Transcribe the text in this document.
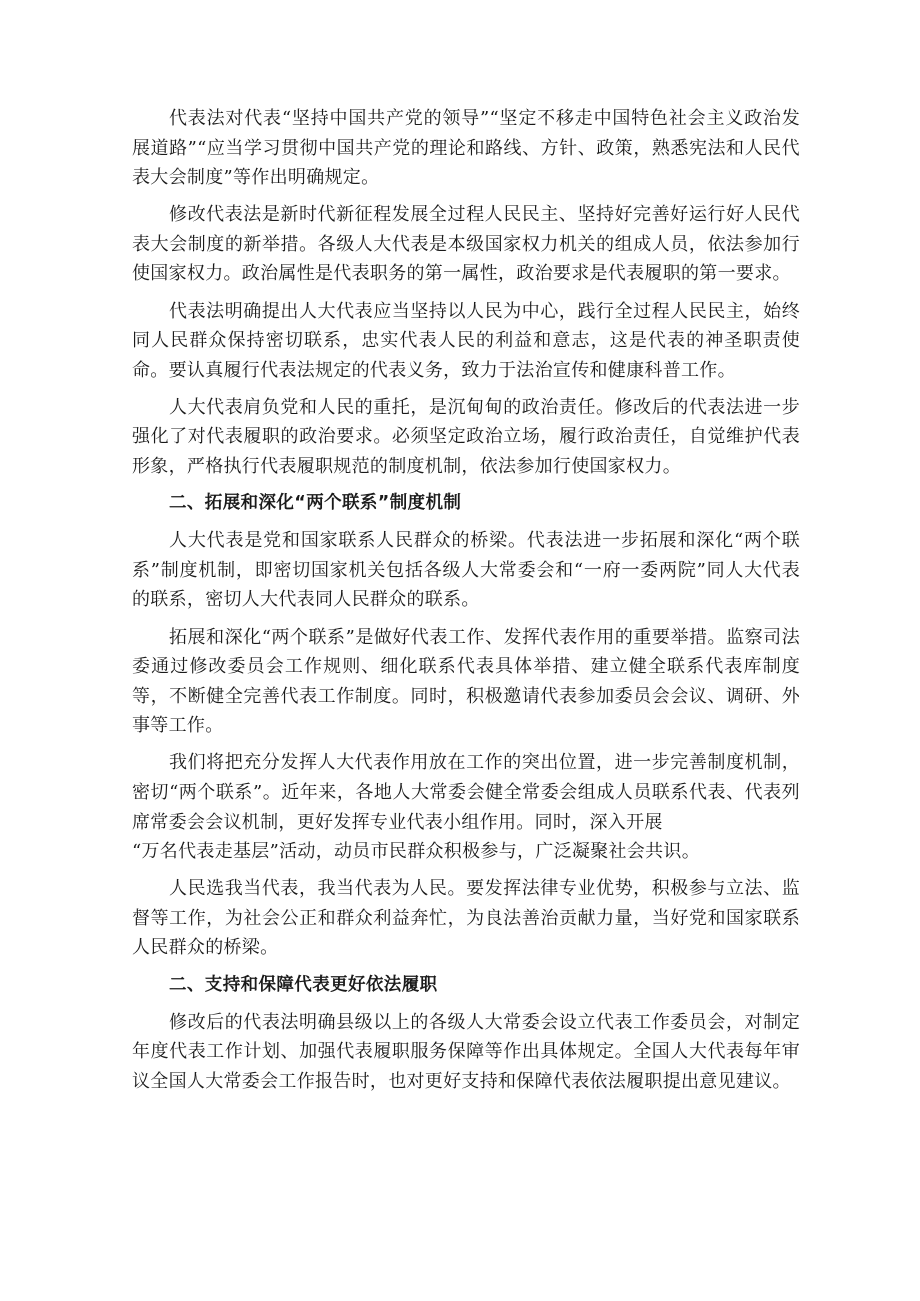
代表法对代表“坚持中国共产党的领导”“坚定不移走中国特色社会主义政治发展道路”“应当学习贯彻中国共产党的理论和路线、方针、政策，熟悉宪法和人民代表大会制度”等作出明确规定。

修改代表法是新时代新征程发展全过程人民民主、坚持好完善好运行好人民代表大会制度的新举措。各级人大代表是本级国家权力机关的组成人员，依法参加行使国家权力。政治属性是代表职务的第一属性，政治要求是代表履职的第一要求。

代表法明确提出人大代表应当坚持以人民为中心，践行全过程人民民主，始终同人民群众保持密切联系，忠实代表人民的利益和意志，这是代表的神圣职责使命。要认真履行代表法规定的代表义务，致力于法治宣传和健康科普工作。

人大代表肩负党和人民的重托，是沉甸甸的政治责任。修改后的代表法进一步强化了对代表履职的政治要求。必须坚定政治立场，履行政治责任，自觉维护代表形象，严格执行代表履职规范的制度机制，依法参加行使国家权力。

二、拓展和深化“两个联系”制度机制

人大代表是党和国家联系人民群众的桥梁。代表法进一步拓展和深化“两个联系”制度机制，即密切国家机关包括各级人大常委会和“一府一委两院”同人大代表的联系，密切人大代表同人民群众的联系。

拓展和深化“两个联系”是做好代表工作、发挥代表作用的重要举措。监察司法委通过修改委员会工作规则、细化联系代表具体举措、建立健全联系代表库制度等，不断健全完善代表工作制度。同时，积极邀请代表参加委员会会议、调研、外事等工作。

我们将把充分发挥人大代表作用放在工作的突出位置，进一步完善制度机制，密切“两个联系”。近年来，各地人大常委会健全常委会组成人员联系代表、代表列席常委会会议机制，更好发挥专业代表小组作用。同时，深入开展
“万名代表走基层”活动，动员市民群众积极参与，广泛凝聚社会共识。

人民选我当代表，我当代表为人民。要发挥法律专业优势，积极参与立法、监督等工作，为社会公正和群众利益奔忙，为良法善治贡献力量，当好党和国家联系人民群众的桥梁。

二、支持和保障代表更好依法履职

修改后的代表法明确县级以上的各级人大常委会设立代表工作委员会，对制定年度代表工作计划、加强代表履职服务保障等作出具体规定。全国人大代表每年审议全国人大常委会工作报告时，也对更好支持和保障代表依法履职提出意见建议。
